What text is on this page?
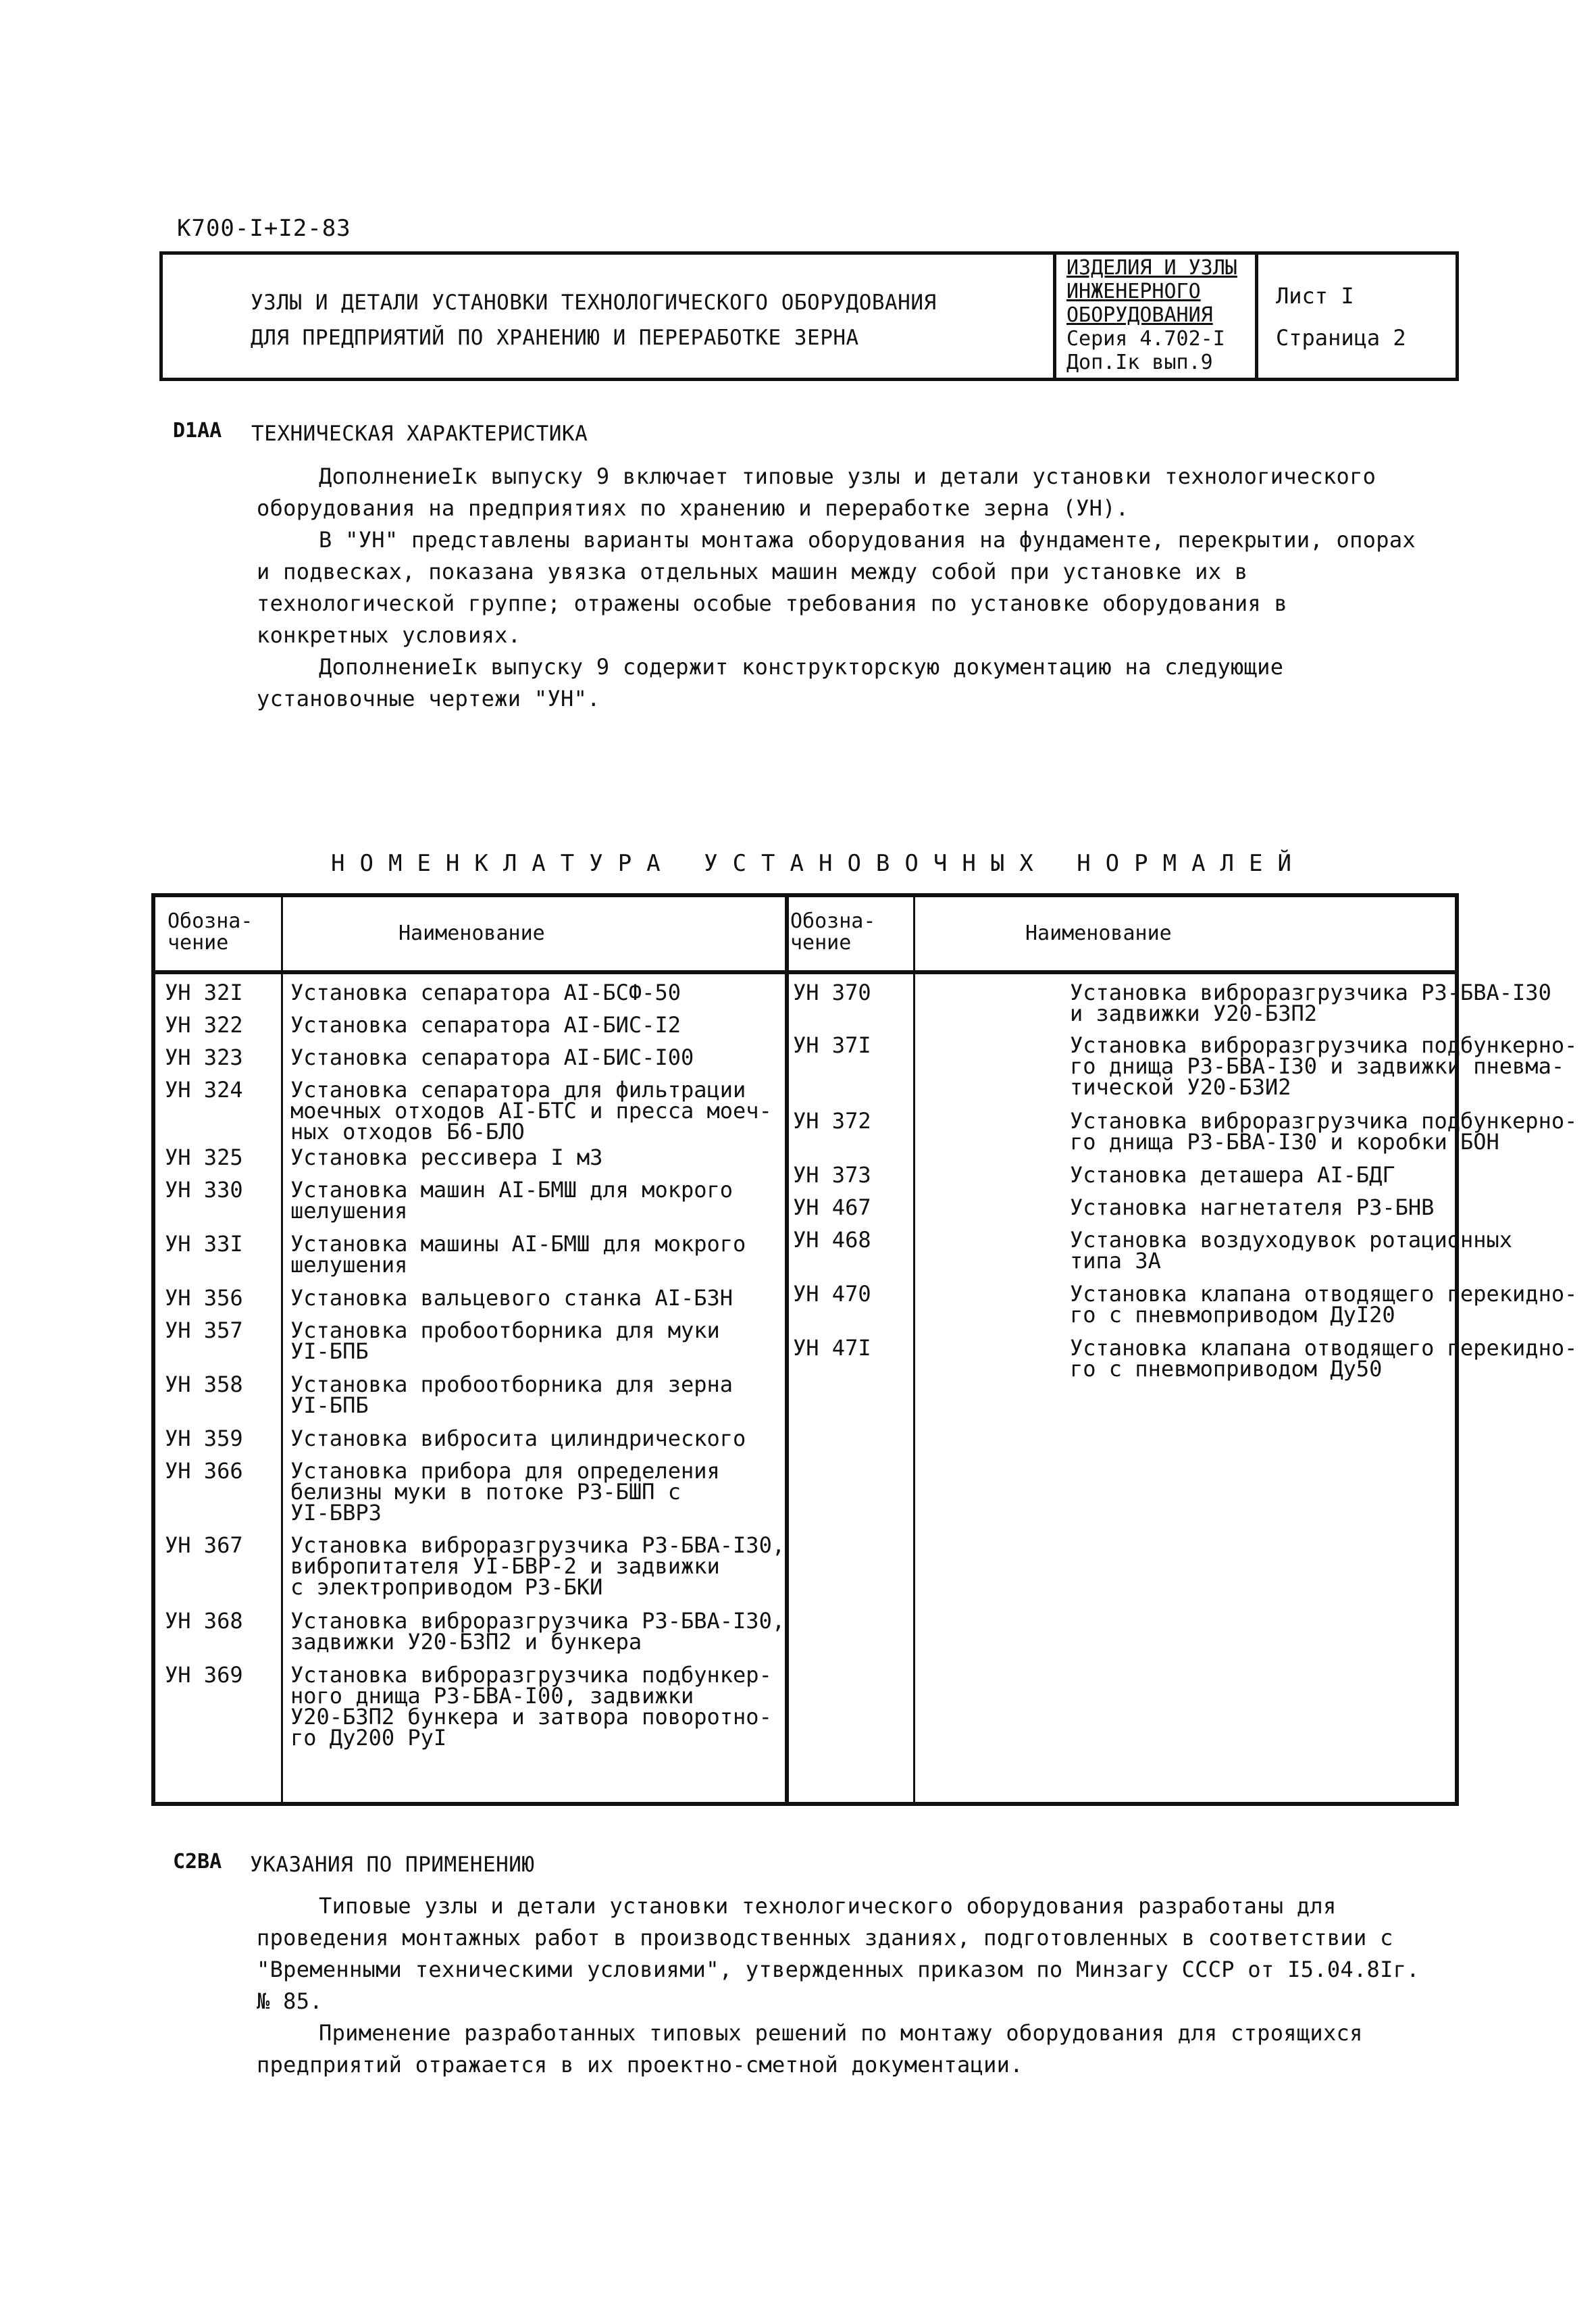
К700-I+I2-83
УЗЛЫ И ДЕТАЛИ УСТАНОВКИ ТЕХНОЛОГИЧЕСКОГО ОБОРУДОВАНИЯ
ДЛЯ ПРЕДПРИЯТИЙ ПО ХРАНЕНИЮ И ПЕРЕРАБОТКЕ ЗЕРНА
ИЗДЕЛИЯ И УЗЛЫ
ИНЖЕНЕРНОГО
ОБОРУДОВАНИЯ
Серия 4.702-I
Доп.Iк вып.9
Лист I
Страница 2
D1AA ТЕХНИЧЕСКАЯ ХАРАКТЕРИСТИКА
ДополнениеIк выпуску 9 включает типовые узлы и детали установки технологического оборудования на предприятиях по хранению и переработке зерна (УН).
В "УН" представлены варианты монтажа оборудования на фундаменте, перекрытии, опорах и подвесках, показана увязка отдельных машин между собой при установке их в технологической группе; отражены особые требования по установке оборудования в конкретных условиях.
ДополнениеIк выпуску 9 содержит конструкторскую документацию на следующие установочные чертежи "УН".
НОМЕНКЛАТУРА УСТАНОВОЧНЫХ НОРМАЛЕЙ
Обозна-
чение	Наименование
Обозна-
чение	Наименование
УН 32I Установка сепаратора AI-БСФ-50
УН 322 Установка сепаратора AI-БИС-I2
УН 323 Установка сепаратора AI-БИС-I00
УН 324 Установка сепаратора для фильтрации
моечных отходов AI-БТС и пресса моеч-
ных отходов Б6-БЛО
УН 325 Установка рессивера I м3
УН 330 Установка машин AI-БМШ для мокрого
шелушения
УН 33I Установка машины AI-БМШ для мокрого
шелушения
УН 356 Установка вальцевого станка AI-БЗН
УН 357 Установка пробоотборника для муки
УI-БПБ
УН 358 Установка пробоотборника для зерна
УI-БПБ
УН 359 Установка вибросита цилиндрического
УН 366 Установка прибора для определения
белизны муки в потоке РЗ-БШП с
УI-БВРЗ
УН 367 Установка виброразгрузчика РЗ-БВА-I30,
вибропитателя УI-БВР-2 и задвижки
с электроприводом РЗ-БКИ
УН 368 Установка виброразгрузчика РЗ-БВА-I30,
задвижки У20-БЗП2 и бункера
УН 369 Установка виброразгрузчика подбункер-
ного днища РЗ-БВА-I00, задвижки
У20-БЗП2 бункера и затвора поворотно-
го Ду200 РуI
УН 370	Установка виброразгрузчика РЗ-БВА-I30
и задвижки У20-БЗП2
УН 37I	Установка виброразгрузчика подбункерно-
го днища РЗ-БВА-I30 и задвижки пневма-
тической У20-БЗИ2
УН 372	Установка виброразгрузчика подбункерно-
го днища РЗ-БВА-I30 и коробки БОН
УН 373	Установка деташера AI-БДГ
УН 467	Установка нагнетателя РЗ-БНВ
УН 468	Установка воздуходувок ротационных
типа ЗА
УН 470	Установка клапана отводящего перекидно-
го с пневмоприводом ДуI20
УН 47I	Установка клапана отводящего перекидно-
го с пневмоприводом Ду50
C2BA УКАЗАНИЯ ПО ПРИМЕНЕНИЮ
Типовые узлы и детали установки технологического оборудования разработаны для проведения монтажных работ в производственных зданиях, подготовленных в соответствии с "Временными техническими условиями", утвержденных приказом по Минзагу СССР от I5.04.8Iг. № 85.
Применение разработанных типовых решений по монтажу оборудования для строящихся предприятий отражается в их проектно-сметной документации.
